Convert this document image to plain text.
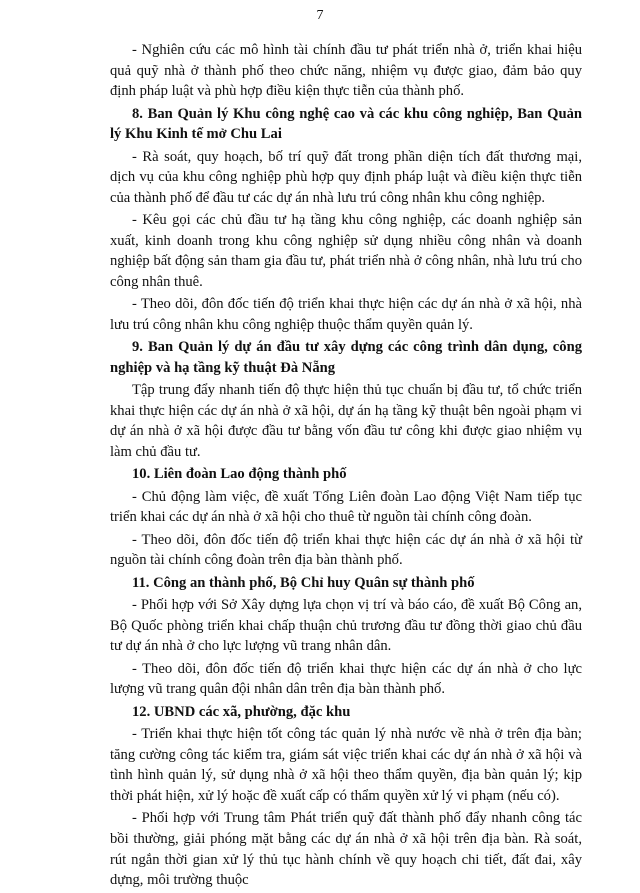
7

- Nghiên cứu các mô hình tài chính đầu tư phát triển nhà ở, triển khai hiệu quả quỹ nhà ở thành phố theo chức năng, nhiệm vụ được giao, đảm bảo quy định pháp luật và phù hợp điều kiện thực tiễn của thành phố.

8. Ban Quản lý Khu công nghệ cao và các khu công nghiệp, Ban Quản lý Khu Kinh tế mở Chu Lai

- Rà soát, quy hoạch, bố trí quỹ đất trong phần diện tích đất thương mại, dịch vụ của khu công nghiệp phù hợp quy định pháp luật và điều kiện thực tiễn của thành phố để đầu tư các dự án nhà lưu trú công nhân khu công nghiệp.

- Kêu gọi các chủ đầu tư hạ tầng khu công nghiệp, các doanh nghiệp sản xuất, kinh doanh trong khu công nghiệp sử dụng nhiều công nhân và doanh nghiệp bất động sản tham gia đầu tư, phát triển nhà ở công nhân, nhà lưu trú cho công nhân thuê.

- Theo dõi, đôn đốc tiến độ triển khai thực hiện các dự án nhà ở xã hội, nhà lưu trú công nhân khu công nghiệp thuộc thẩm quyền quản lý.

9. Ban Quản lý dự án đầu tư xây dựng các công trình dân dụng, công nghiệp và hạ tầng kỹ thuật Đà Nẵng

Tập trung đẩy nhanh tiến độ thực hiện thủ tục chuẩn bị đầu tư, tổ chức triển khai thực hiện các dự án nhà ở xã hội, dự án hạ tầng kỹ thuật bên ngoài phạm vi dự án nhà ở xã hội được đầu tư bằng vốn đầu tư công khi được giao nhiệm vụ làm chủ đầu tư.

10. Liên đoàn Lao động thành phố

- Chủ động làm việc, đề xuất Tổng Liên đoàn Lao động Việt Nam tiếp tục triển khai các dự án nhà ở xã hội cho thuê từ nguồn tài chính công đoàn.

- Theo dõi, đôn đốc tiến độ triển khai thực hiện các dự án nhà ở xã hội từ nguồn tài chính công đoàn trên địa bàn thành phố.

11. Công an thành phố, Bộ Chỉ huy Quân sự thành phố

- Phối hợp với Sở Xây dựng lựa chọn vị trí và báo cáo, đề xuất Bộ Công an, Bộ Quốc phòng triển khai chấp thuận chủ trương đầu tư đồng thời giao chủ đầu tư dự án nhà ở cho lực lượng vũ trang nhân dân.

- Theo dõi, đôn đốc tiến độ triển khai thực hiện các dự án nhà ở cho lực lượng vũ trang quân đội nhân dân trên địa bàn thành phố.

12. UBND các xã, phường, đặc khu

- Triển khai thực hiện tốt công tác quản lý nhà nước về nhà ở trên địa bàn; tăng cường công tác kiểm tra, giám sát việc triển khai các dự án nhà ở xã hội và tình hình quản lý, sử dụng nhà ở xã hội theo thẩm quyền, địa bàn quản lý; kịp thời phát hiện, xử lý hoặc đề xuất cấp có thẩm quyền xử lý vi phạm (nếu có).

- Phối hợp với Trung tâm Phát triển quỹ đất thành phố đẩy nhanh công tác bồi thường, giải phóng mặt bằng các dự án nhà ở xã hội trên địa bàn. Rà soát, rút ngắn thời gian xử lý thủ tục hành chính về quy hoạch chi tiết, đất đai, xây dựng, môi trường thuộc
